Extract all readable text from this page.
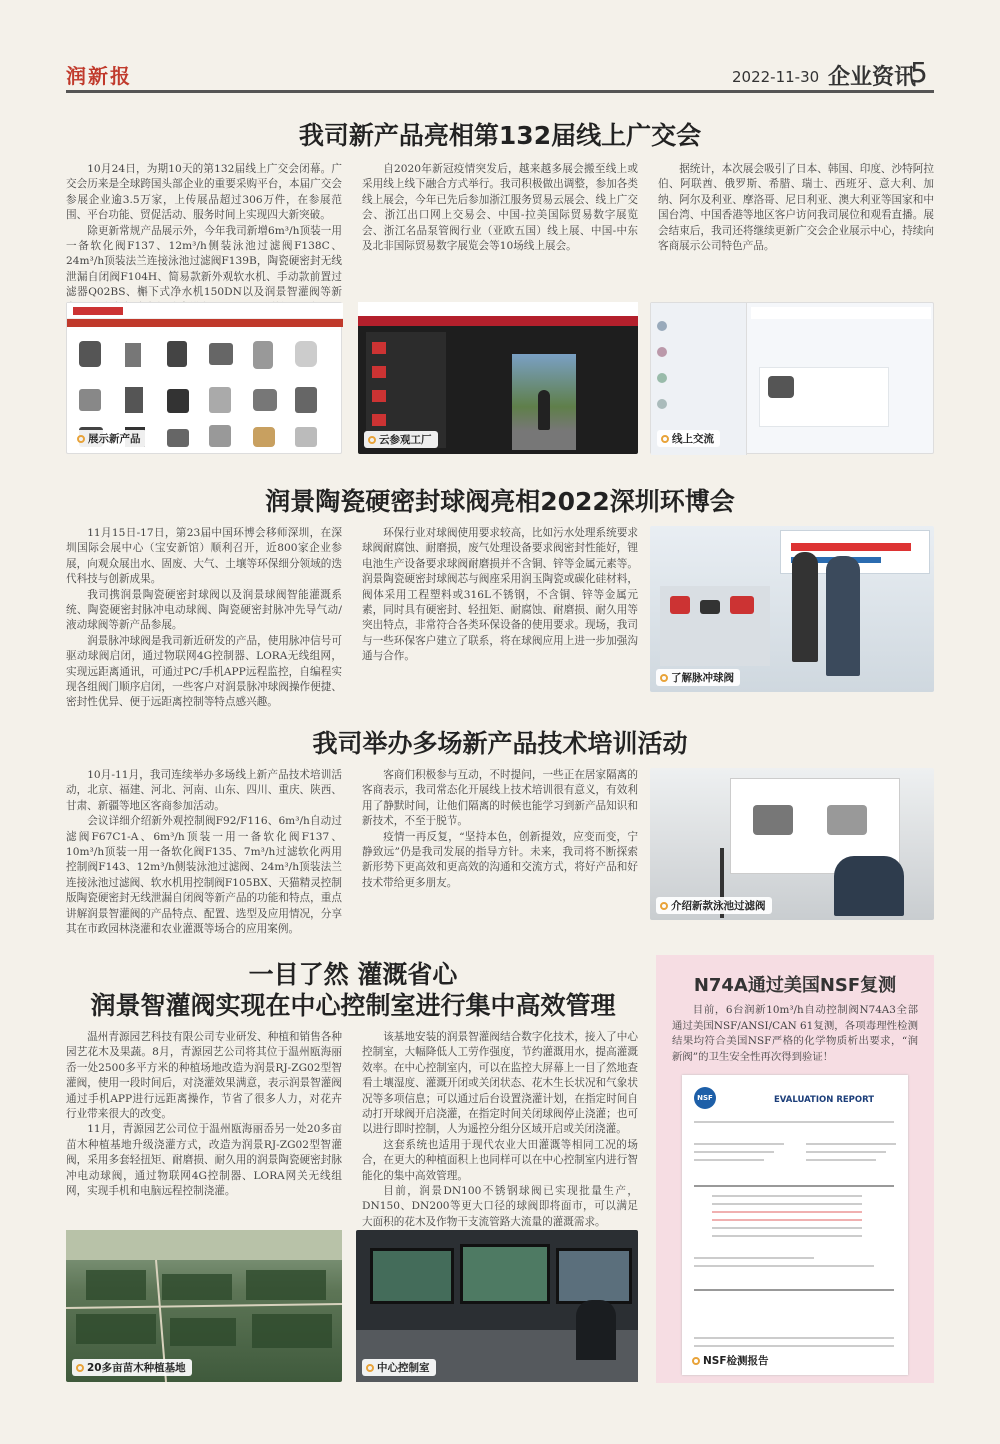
润新报	2022-11-30 企业资讯
5
我司新产品亮相第132届线上广交会

10月24日，为期10天的第132届线上广交会闭幕。广交会历来是全球跨国头部企业的重要采购平台，本届广交会参展企业逾3.5万家，上传展品超过306万件，在参展范围、平台功能、贸促活动、服务时间上实现四大新突破。

除更新常规产品展示外，今年我司新增6m³/h顶装一用一备软化阀F137、12m³/h侧装泳池过滤阀F138C、24m³/h顶装法兰连接泳池过滤阀F139B，陶瓷硬密封无线泄漏自闭阀F104H、简易款新外观软水机、手动款前置过滤器Q02BS、槲下式净水机150DN以及润景智灌阀等新

自2020年新冠疫情突发后，越来越多展会搬至线上或采用线上线下融合方式举行。我司积极做出调整，参加各类线上展会，今年已先后参加浙江服务贸易云展会、线上广交会、浙江出口网上交易会、中国-拉美国际贸易数字展览会、浙江名品泵管阀行业（亚欧五国）线上展、中国-中东及北非国际贸易数字展览会等10场线上展会。

据统计，本次展会吸引了日本、韩国、印度、沙特阿拉伯、阿联酋、俄罗斯、希腊、瑞士、西班牙、意大利、加纳、阿尔及利亚、摩洛哥、尼日利亚、澳大利亚等国家和中国台湾、中国香港等地区客户访问我司展位和观看直播。展会结束后，我司还将继续更新广交会企业展示中心，持续向客商展示公司特色产品。

展示新产品	云参观工厂	线上交流
润景陶瓷硬密封球阀亮相2022深圳环博会

11月15日-17日，第23届中国环博会移师深圳，在深圳国际会展中心（宝安新馆）顺利召开，近800家企业参展，向观众展出水、固废、大气、土壤等环保细分领域的迭代科技与创新成果。

我司携润景陶瓷硬密封球阀以及润景球阀智能灌溉系统、陶瓷硬密封脉冲电动球阀、陶瓷硬密封脉冲先导气动/液动球阀等新产品参展。

润景脉冲球阀是我司新近研发的产品，使用脉冲信号可驱动球阀启闭，通过物联网4G控制器、LORA无线组网，实现远距离通讯，可通过PC/手机APP远程监控，自编程实现各组阀门顺序启闭，一些客户对润景脉冲球阀操作便捷、密封性优异、便于远距离控制等特点感兴趣。

环保行业对球阀使用要求较高，比如污水处理系统要求球阀耐腐蚀、耐磨损，废气处理设备要求阀密封性能好，锂电池生产设备要求球阀耐磨损并不含铜、锌等金属元素等。润景陶瓷硬密封球阀芯与阀座采用润玉陶瓷或碳化硅材料，阀体采用工程塑料或316L不锈钢，不含铜、锌等金属元素，同时具有硬密封、轻扭矩、耐腐蚀、耐磨损、耐久用等突出特点，非常符合各类环保设备的使用要求。现场，我司与一些环保客户建立了联系，将在球阀应用上进一步加强沟通与合作。

了解脉冲球阀
我司举办多场新产品技术培训活动

10月-11月，我司连续举办多场线上新产品技术培训活动，北京、福建、河北、河南、山东、四川、重庆、陕西、甘肃、新疆等地区客商参加活动。

会议详细介绍新外观控制阀F92/F116、6m³/h自动过滤阀F67C1-A、6m³/h顶装一用一备软化阀F137、10m³/h顶装一用一备软化阀F135、7m³/h过滤软化两用控制阀F143、12m³/h侧装泳池过滤阀、24m³/h顶装法兰连接泳池过滤阀、软水机用控制阀F105BX、天猫精灵控制版陶瓷硬密封无线泄漏自闭阀等新产品的功能和特点，重点讲解润景智灌阀的产品特点、配置、选型及应用情况，分享其在市政园林浇灌和农业灌溉等场合的应用案例。

客商们积极参与互动，不时提问，一些正在居家隔离的客商表示，我司常态化开展线上技术培训很有意义，有效利用了静默时间，让他们隔离的时候也能学习到新产品知识和新技术，不至于脱节。

疫情一再反复，“坚持本色，创新提效，应变而变，宁静致远”仍是我司发展的指导方针。未来，我司将不断探索新形势下更高效和更高效的沟通和交流方式，将好产品和好技术带给更多朋友。

介绍新款泳池过滤阀
一目了然 灌溉省心
润景智灌阀实现在中心控制室进行集中高效管理

温州青源园艺科技有限公司专业研发、种植和销售各种园艺花木及果蔬。8月，青源园艺公司将其位于温州瓯海丽岙一处2500多平方米的种植场地改造为润景RJ-ZG02型智灌阀，使用一段时间后，对浇灌效果满意，表示润景智灌阀通过手机APP进行远距离操作，节省了很多人力，对花卉行业带来很大的改变。

11月，青源园艺公司位于温州瓯海丽岙另一处20多亩苗木种植基地升级浇灌方式，改造为润景RJ-ZG02型智灌阀，采用多套轻扭矩、耐磨损、耐久用的润景陶瓷硬密封脉冲电动球阀，通过物联网4G控制器、LORA网关无线组网，实现手机和电脑远程控制浇灌。

该基地安装的润景智灌阀结合数字化技术，接入了中心控制室，大幅降低人工劳作强度，节约灌溉用水，提高灌溉效率。在中心控制室内，可以在监控大屏幕上一目了然地查看土壤湿度、灌溉开闭或关闭状态、花木生长状况和气象状况等多项信息；可以通过后台设置浇灌计划，在指定时间自动打开球阀开启浇灌，在指定时间关闭球阀停止浇灌；也可以进行即时控制，人为遥控分组分区域开启或关闭浇灌。

这套系统也适用于现代农业大田灌溉等相同工况的场合，在更大的种植面积上也同样可以在中心控制室内进行智能化的集中高效管理。

目前，润景DN100不锈钢球阀已实现批量生产，DN150、DN200等更大口径的球阀即将面市，可以满足大面积的花木及作物干支流管路大流量的灌溉需求。

20多亩苗木种植基地	中心控制室
N74A通过美国NSF复测

目前，6台润新10m³/h自动控制阀N74A3全部通过美国NSF/ANSI/CAN 61复测，各项毒理性检测结果均符合美国NSF严格的化学物质析出要求，“润新阀”的卫生安全性再次得到验证！

NSF	EVALUATION REPORT
NSF检测报告
